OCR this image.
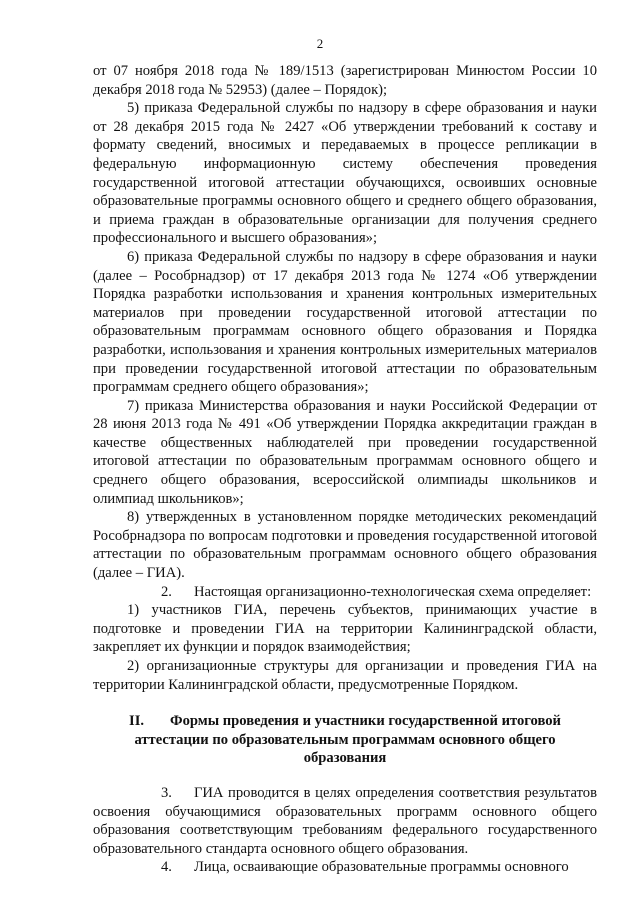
2

от 07 ноября 2018 года № 189/1513 (зарегистрирован Минюстом России 10 декабря 2018 года № 52953) (далее – Порядок);

5) приказа Федеральной службы по надзору в сфере образования и науки от 28 декабря 2015 года № 2427 «Об утверждении требований к составу и формату сведений, вносимых и передаваемых в процессе репликации в федеральную информационную систему обеспечения проведения государственной итоговой аттестации обучающихся, освоивших основные образовательные программы основного общего и среднего общего образования, и приема граждан в образовательные организации для получения среднего профессионального и высшего образования»;

6) приказа Федеральной службы по надзору в сфере образования и науки (далее – Рособрнадзор) от 17 декабря 2013 года № 1274 «Об утверждении Порядка разработки использования и хранения контрольных измерительных материалов при проведении государственной итоговой аттестации по образовательным программам основного общего образования и Порядка разработки, использования и хранения контрольных измерительных материалов при проведении государственной итоговой аттестации по образовательным программам среднего общего образования»;

7) приказа Министерства образования и науки Российской Федерации от 28 июня 2013 года № 491 «Об утверждении Порядка аккредитации граждан в качестве общественных наблюдателей при проведении государственной итоговой аттестации по образовательным программам основного общего и среднего общего образования, всероссийской олимпиады школьников и олимпиад школьников»;

8) утвержденных в установленном порядке методических рекомендаций Рособрнадзора по вопросам подготовки и проведения государственной итоговой аттестации по образовательным программам основного общего образования (далее – ГИА).

2. Настоящая организационно-технологическая схема определяет:

1) участников ГИА, перечень субъектов, принимающих участие в подготовке и проведении ГИА на территории Калининградской области, закрепляет их функции и порядок взаимодействия;

2) организационные структуры для организации и проведения ГИА на территории Калининградской области, предусмотренные Порядком.

II. Формы проведения и участники государственной итоговой аттестации по образовательным программам основного общего образования

3. ГИА проводится в целях определения соответствия результатов освоения обучающимися образовательных программ основного общего образования соответствующим требованиям федерального государственного образовательного стандарта основного общего образования.

4. Лица, осваивающие образовательные программы основного
